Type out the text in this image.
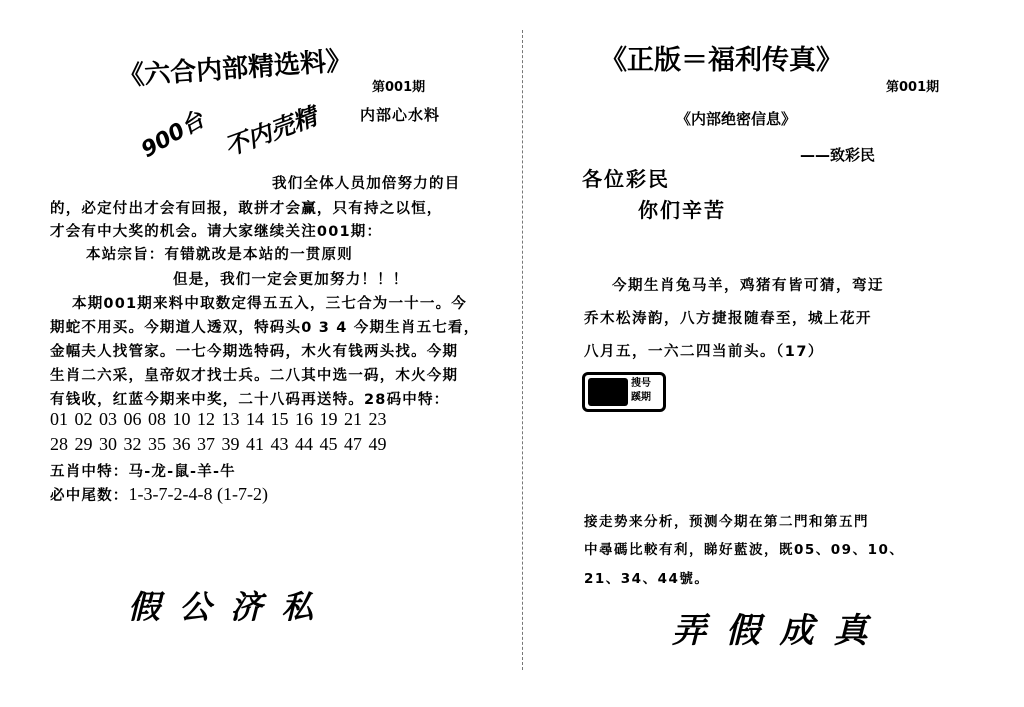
《六合内部精选料》
900台 不内売精
第001期
内部心水料
我们全体人员加倍努力的目
的，必定付出才会有回报，敢拼才会赢，只有持之以恒，
才会有中大奖的机会。请大家继续关注001期：
本站宗旨：有错就改是本站的一贯原则
但是，我们一定会更加努力！！！
本期001期来料中取数定得五五入，三七合为一十一。今
期蛇不用买。今期道人透双，特码头0 3 4 今期生肖五七看，
金幅夫人找管家。一七今期选特码，木火有钱两头找。今期
生肖二六采，皇帝奴才找士兵。二八其中选一码，木火今期
有钱收，红蓝今期来中奖，二十八码再送特。28码中特：
01 02 03 06 08 10 12 13 14 15 16 19 21 23
28 29 30 32 35 36 37 39 41 43 44 45 47 49
五肖中特：马-龙-鼠-羊-牛
必中尾数：1-3-7-2-4-8 (1-7-2)
假 公 济 私
《正版＝福利传真》
第001期
《内部绝密信息》
——致彩民
各位彩民
你们辛苦
今期生肖兔马羊，鸡猪有皆可猜，弯迂
乔木松涛韵，八方捷报随春至，城上花开
八月五，一六二四当前头。（17）
搜号
蹊期
接走势来分析，预测今期在第二門和第五門
中尋碼比較有利，睇好藍波，既05、09、10、
21、34、44號。
弄 假 成 真
